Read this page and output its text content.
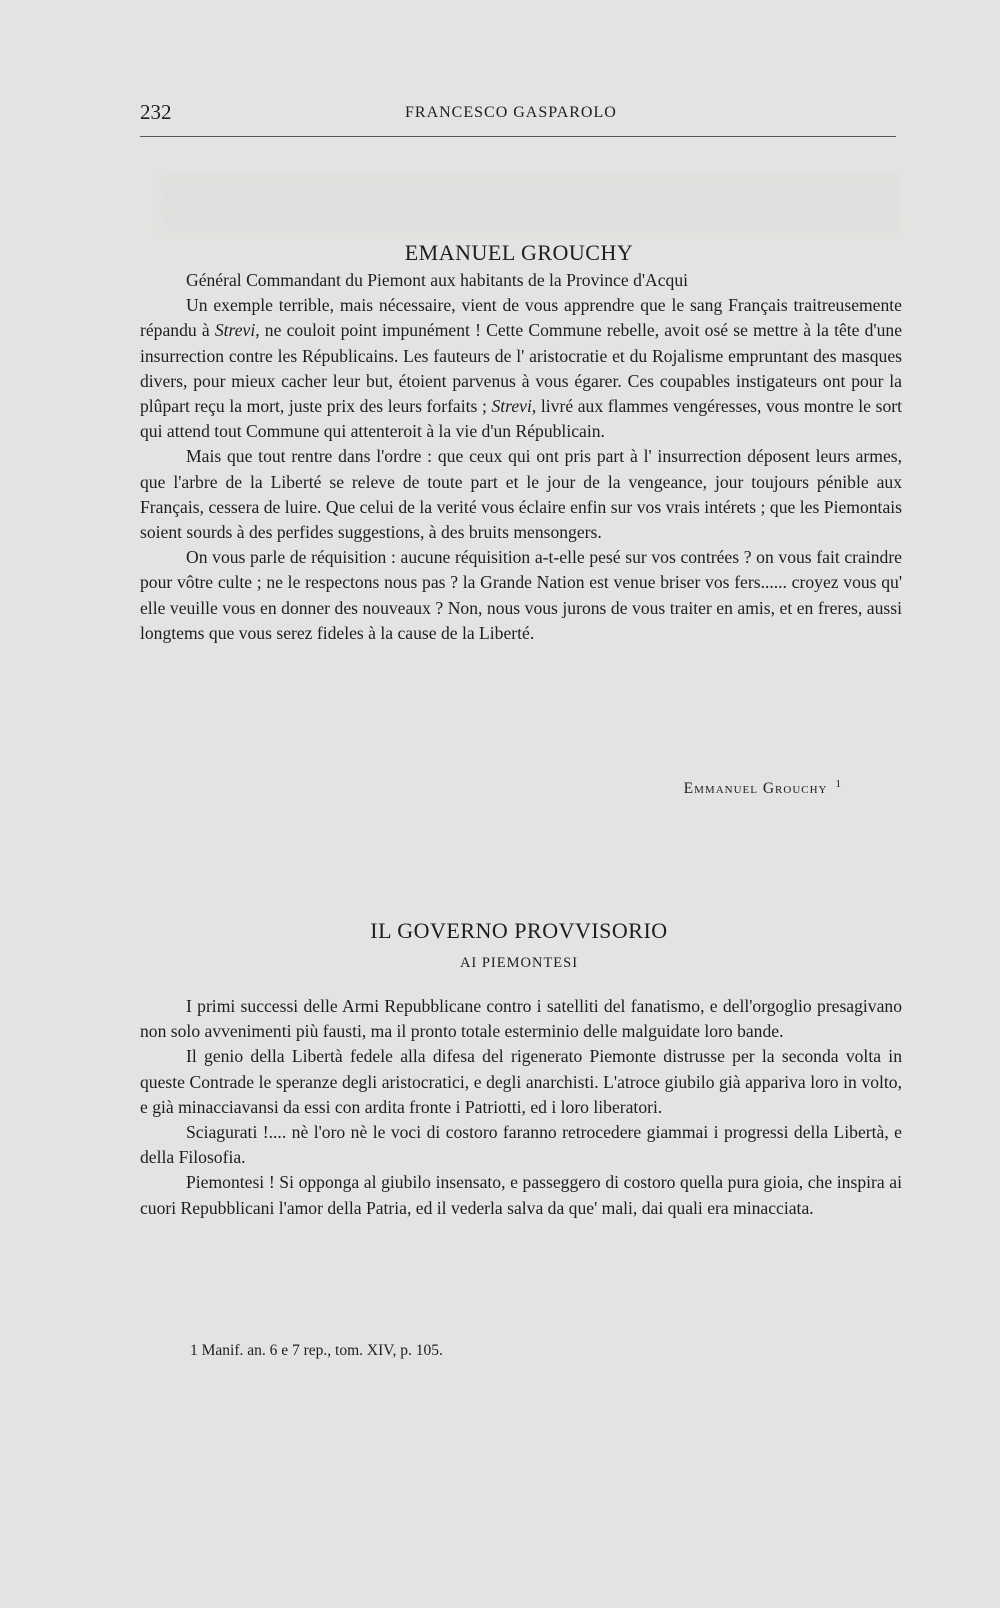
232	FRANCESCO GASPAROLO
EMANUEL GROUCHY

Général Commandant du Piemont aux habitants de la Province d'Acqui

Un exemple terrible, mais nécessaire, vient de vous apprendre que le sang Français traitreusemente répandu à Strevi, ne couloit point impunément ! Cette Commune rebelle, avoit osé se mettre à la tête d'une insurrection contre les Républicains. Les fauteurs de l' aristocratie et du Rojalisme empruntant des masques divers, pour mieux cacher leur but, étoient parvenus à vous égarer. Ces coupables instigateurs ont pour la plûpart reçu la mort, juste prix des leurs forfaits ; Strevi, livré aux flammes vengéresses, vous montre le sort qui attend tout Commune qui attenteroit à la vie d'un Républicain.

Mais que tout rentre dans l'ordre : que ceux qui ont pris part à l' insurrection déposent leurs armes, que l'arbre de la Liberté se releve de toute part et le jour de la vengeance, jour toujours pénible aux Français, cessera de luire. Que celui de la verité vous éclaire enfin sur vos vrais intérets ; que les Piemontais soient sourds à des perfides suggestions, à des bruits mensongers.

On vous parle de réquisition : aucune réquisition a-t-elle pesé sur vos contrées ? on vous fait craindre pour vôtre culte ; ne le respectons nous pas ? la Grande Nation est venue briser vos fers...... croyez vous qu' elle veuille vous en donner des nouveaux ? Non, nous vous jurons de vous traiter en amis, et en freres, aussi longtems que vous serez fideles à la cause de la Liberté.

Emmanuel Grouchy $^1$
IL GOVERNO PROVVISORIO
AI PIEMONTESI

I primi successi delle Armi Repubblicane contro i satelliti del fanatismo, e dell'orgoglio presagivano non solo avvenimenti più fausti, ma il pronto totale esterminio delle malguidate loro bande.

Il genio della Libertà fedele alla difesa del rigenerato Piemonte distrusse per la seconda volta in queste Contrade le speranze degli aristocratici, e degli anarchisti. L'atroce giubilo già appariva loro in volto, e già minacciavansi da essi con ardita fronte i Patriotti, ed i loro liberatori.

Sciagurati !.... nè l'oro nè le voci di costoro faranno retrocedere giammai i progressi della Libertà, e della Filosofia.

Piemontesi ! Si opponga al giubilo insensato, e passeggero di costoro quella pura gioia, che inspira ai cuori Repubblicani l'amor della Patria, ed il vederla salva da que' mali, dai quali era minacciata.

1 Manif. an. 6 e 7 rep., tom. XIV, p. 105.
